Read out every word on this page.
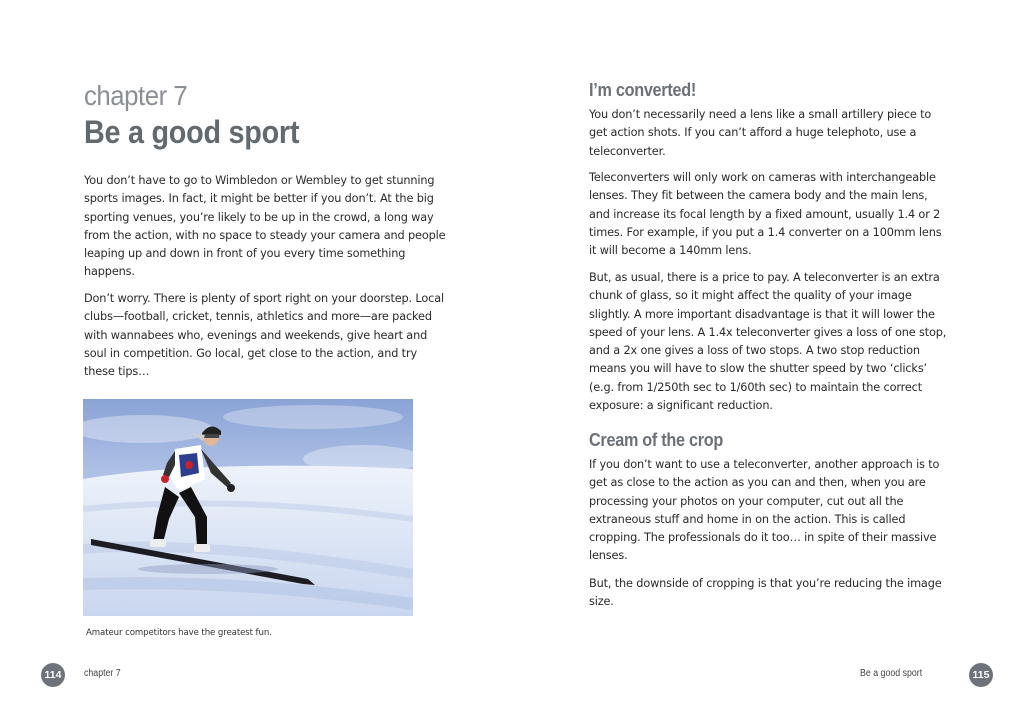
chapter 7
Be a good sport

You don’t have to go to Wimbledon or Wembley to get stunning sports images. In fact, it might be better if you don’t. At the big sporting venues, you’re likely to be up in the crowd, a long way from the action, with no space to steady your camera and people leaping up and down in front of you every time something happens.

Don’t worry. There is plenty of sport right on your doorstep. Local clubs—football, cricket, tennis, athletics and more—are packed with wannabees who, evenings and weekends, give heart and soul in competition. Go local, get close to the action, and try these tips…

Amateur competitors have the greatest fun.

114	chapter 7
I’m converted!

You don’t necessarily need a lens like a small artillery piece to get action shots. If you can’t afford a huge telephoto, use a teleconverter.

Teleconverters will only work on cameras with interchangeable lenses. They fit between the camera body and the main lens, and increase its focal length by a fixed amount, usually 1.4 or 2 times. For example, if you put a 1.4 converter on a 100mm lens it will become a 140mm lens.

But, as usual, there is a price to pay. A teleconverter is an extra chunk of glass, so it might affect the quality of your image slightly. A more important disadvantage is that it will lower the speed of your lens. A 1.4x teleconverter gives a loss of one stop, and a 2x one gives a loss of two stops. A two stop reduction means you will have to slow the shutter speed by two ‘clicks’ (e.g. from 1/250th sec to 1/60th sec) to maintain the correct exposure: a significant reduction.

Cream of the crop

If you don’t want to use a teleconverter, another approach is to get as close to the action as you can and then, when you are processing your photos on your computer, cut out all the extraneous stuff and home in on the action. This is called cropping. The professionals do it too… in spite of their massive lenses.

But, the downside of cropping is that you’re reducing the image size.

Be a good sport	115
